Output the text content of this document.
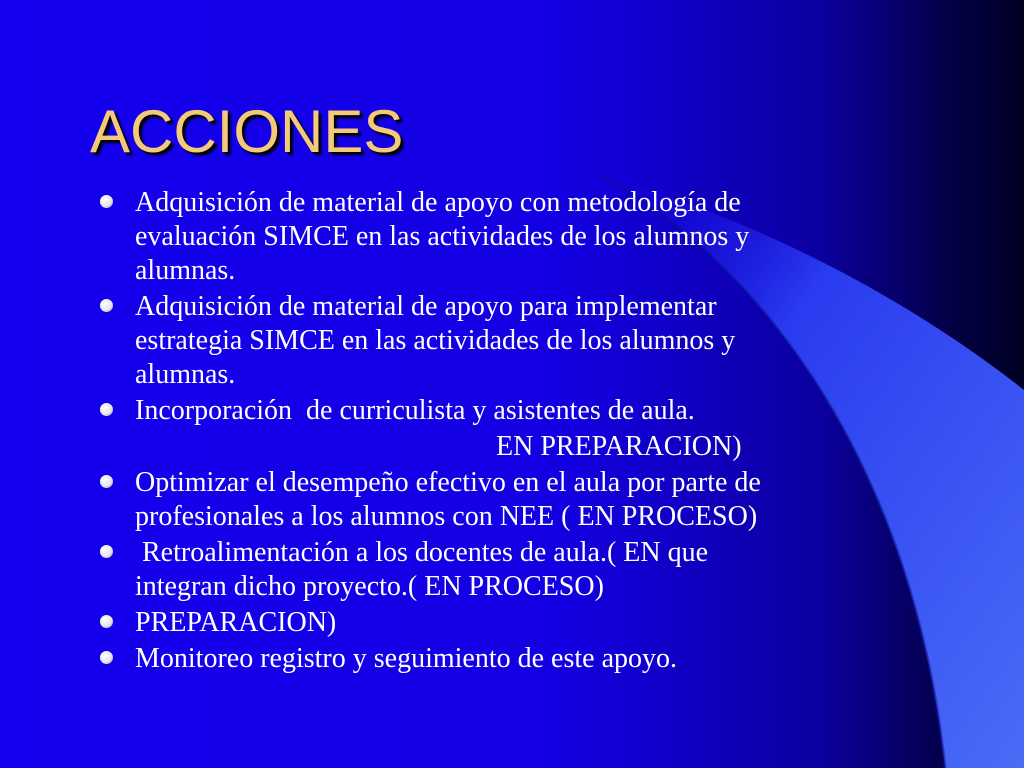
ACCIONES
Adquisición de material de apoyo con metodología de
evaluación SIMCE en las actividades de los alumnos y
alumnas.
Adquisición de material de apoyo para implementar
estrategia SIMCE en las actividades de los alumnos y
alumnas.
Incorporación  de curriculista y asistentes de aula.
EN PREPARACION)
Optimizar el desempeño efectivo en el aula por parte de
profesionales a los alumnos con NEE ( EN PROCESO)
Retroalimentación a los docentes de aula.( EN que
integran dicho proyecto.( EN PROCESO)
PREPARACION)
Monitoreo registro y seguimiento de este apoyo.
